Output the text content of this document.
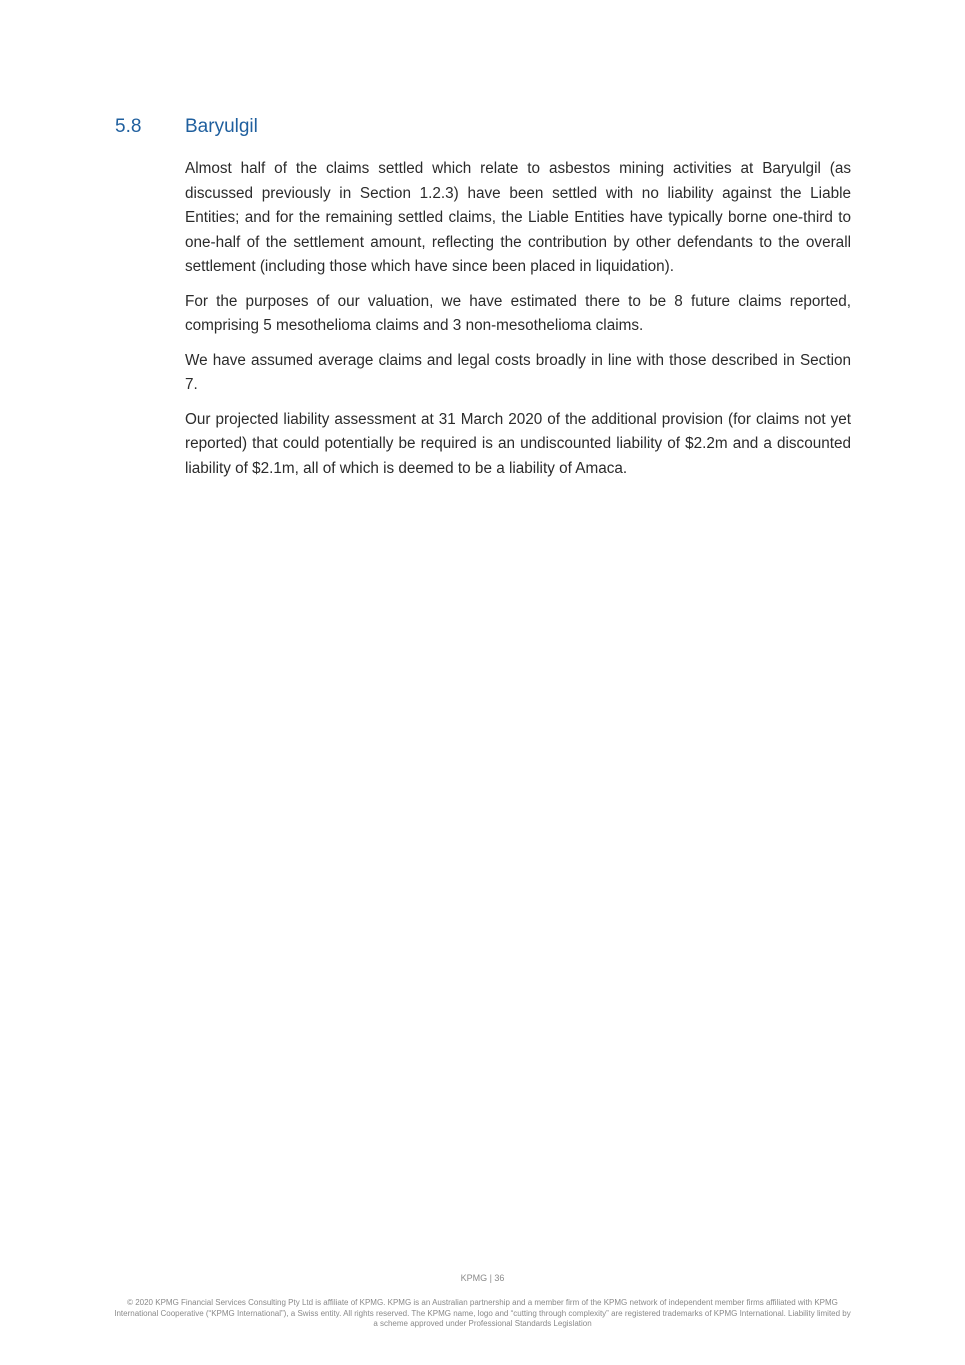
5.8	Baryulgil

Almost half of the claims settled which relate to asbestos mining activities at Baryulgil (as discussed previously in Section 1.2.3) have been settled with no liability against the Liable Entities; and for the remaining settled claims, the Liable Entities have typically borne one-third to one-half of the settlement amount, reflecting the contribution by other defendants to the overall settlement (including those which have since been placed in liquidation).

For the purposes of our valuation, we have estimated there to be 8 future claims reported, comprising 5 mesothelioma claims and 3 non-mesothelioma claims.

We have assumed average claims and legal costs broadly in line with those described in Section 7.

Our projected liability assessment at 31 March 2020 of the additional provision (for claims not yet reported) that could potentially be required is an undiscounted liability of $2.2m and a discounted liability of $2.1m, all of which is deemed to be a liability of Amaca.

KPMG | 36
© 2020 KPMG Financial Services Consulting Pty Ltd is affiliate of KPMG. KPMG is an Australian partnership and a member firm of the KPMG network of independent member firms affiliated with KPMG International Cooperative (“KPMG International”), a Swiss entity. All rights reserved. The KPMG name, logo and “cutting through complexity” are registered trademarks of KPMG International. Liability limited by a scheme approved under Professional Standards Legislation
